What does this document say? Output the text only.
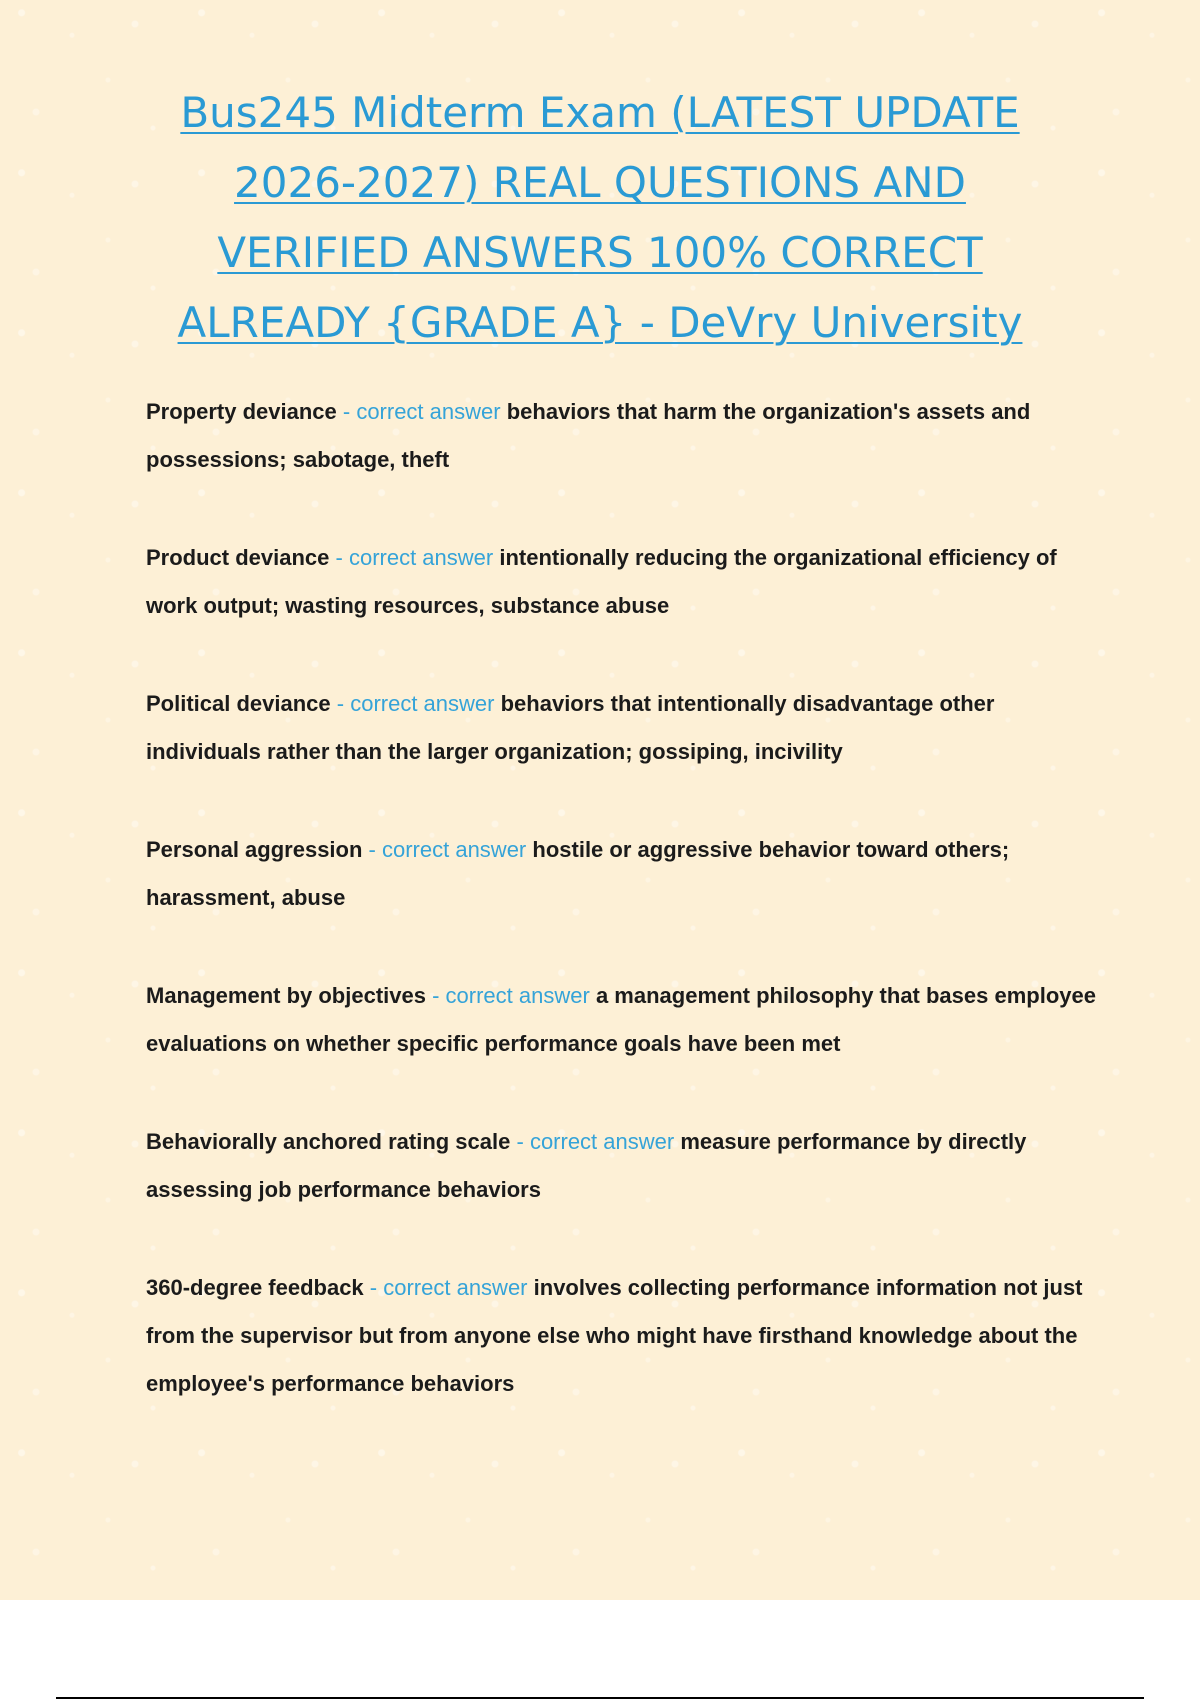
Bus245 Midterm Exam (LATEST UPDATE 2026-2027) REAL QUESTIONS AND VERIFIED ANSWERS 100% CORRECT ALREADY {GRADE A} - DeVry University

Property deviance - correct answer behaviors that harm the organization's assets and possessions; sabotage, theft

Product deviance - correct answer intentionally reducing the organizational efficiency of work output; wasting resources, substance abuse

Political deviance - correct answer behaviors that intentionally disadvantage other individuals rather than the larger organization; gossiping, incivility

Personal aggression - correct answer hostile or aggressive behavior toward others; harassment, abuse

Management by objectives - correct answer a management philosophy that bases employee evaluations on whether specific performance goals have been met

Behaviorally anchored rating scale - correct answer measure performance by directly assessing job performance behaviors

360-degree feedback - correct answer involves collecting performance information not just from the supervisor but from anyone else who might have firsthand knowledge about the employee's performance behaviors
